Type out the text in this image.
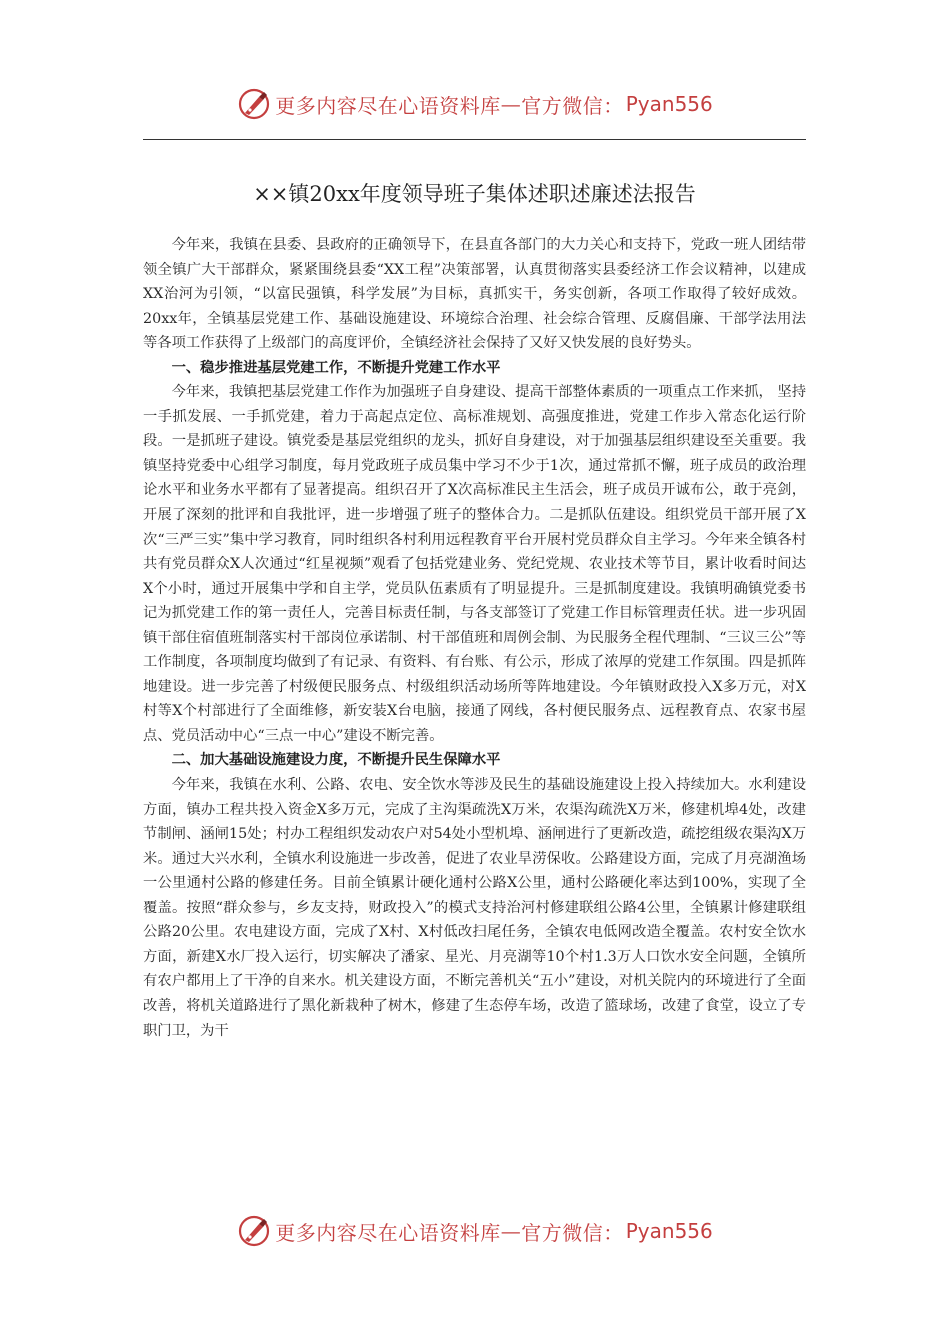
更多内容尽在心语资料库 — 官方微信： Pyan556
××镇20xx年度领导班子集体述职述廉述法报告

今年来，我镇在县委、县政府的正确领导下，在县直各部门的大力关心和支持下，党政一班人团结带领全镇广大干部群众，紧紧围绕县委“XX工程”决策部署，认真贯彻落实县委经济工作会议精神，以建成XX治河为引领，“以富民强镇，科学发展”为目标，真抓实干，务实创新，各项工作取得了较好成效。20xx年，全镇基层党建工作、基础设施建设、环境综合治理、社会综合管理、反腐倡廉、干部学法用法等各项工作获得了上级部门的高度评价，全镇经济社会保持了又好又快发展的良好势头。

一、稳步推进基层党建工作，不断提升党建工作水平

今年来，我镇把基层党建工作作为加强班子自身建设、提高干部整体素质的一项重点工作来抓， 坚持一手抓发展、一手抓党建，着力于高起点定位、高标准规划、高强度推进，党建工作步入常态化运行阶段。一是抓班子建设。镇党委是基层党组织的龙头，抓好自身建设，对于加强基层组织建设至关重要。我镇坚持党委中心组学习制度，每月党政班子成员集中学习不少于1次，通过常抓不懈，班子成员的政治理论水平和业务水平都有了显著提高。组织召开了X次高标准民主生活会，班子成员开诚布公，敢于亮剑，开展了深刻的批评和自我批评，进一步增强了班子的整体合力。二是抓队伍建设。组织党员干部开展了X次“三严三实”集中学习教育，同时组织各村利用远程教育平台开展村党员群众自主学习。今年来全镇各村共有党员群众X人次通过“红星视频”观看了包括党建业务、党纪党规、农业技术等节目，累计收看时间达X个小时，通过开展集中学和自主学，党员队伍素质有了明显提升。三是抓制度建设。我镇明确镇党委书记为抓党建工作的第一责任人，完善目标责任制，与各支部签订了党建工作目标管理责任状。进一步巩固镇干部住宿值班制落实村干部岗位承诺制、村干部值班和周例会制、为民服务全程代理制、“三议三公”等工作制度，各项制度均做到了有记录、有资料、有台账、有公示，形成了浓厚的党建工作氛围。四是抓阵地建设。进一步完善了村级便民服务点、村级组织活动场所等阵地建设。今年镇财政投入X多万元，对X村等X个村部进行了全面维修，新安装X台电脑，接通了网线，各村便民服务点、远程教育点、农家书屋点、党员活动中心“三点一中心”建设不断完善。

二、加大基础设施建设力度，不断提升民生保障水平

今年来，我镇在水利、公路、农电、安全饮水等涉及民生的基础设施建设上投入持续加大。水利建设方面，镇办工程共投入资金X多万元，完成了主沟渠疏洗X万米，农渠沟疏洗X万米，修建机埠4处，改建节制闸、涵闸15处；村办工程组织发动农户对54处小型机埠、涵闸进行了更新改造，疏挖组级农渠沟X万米。通过大兴水利，全镇水利设施进一步改善，促进了农业旱涝保收。公路建设方面，完成了月亮湖渔场一公里通村公路的修建任务。目前全镇累计硬化通村公路X公里，通村公路硬化率达到100%，实现了全覆盖。按照“群众参与，乡友支持，财政投入”的模式支持治河村修建联组公路4公里，全镇累计修建联组公路20公里。农电建设方面，完成了X村、X村低改扫尾任务，全镇农电低网改造全覆盖。农村安全饮水方面，新建X水厂投入运行，切实解决了潘家、星光、月亮湖等10个村1.3万人口饮水安全问题，全镇所有农户都用上了干净的自来水。机关建设方面，不断完善机关“五小”建设，对机关院内的环境进行了全面改善，将机关道路进行了黑化新栽种了树木，修建了生态停车场，改造了篮球场，改建了食堂，设立了专职门卫，为干

更多内容尽在心语资料库 — 官方微信： Pyan556
